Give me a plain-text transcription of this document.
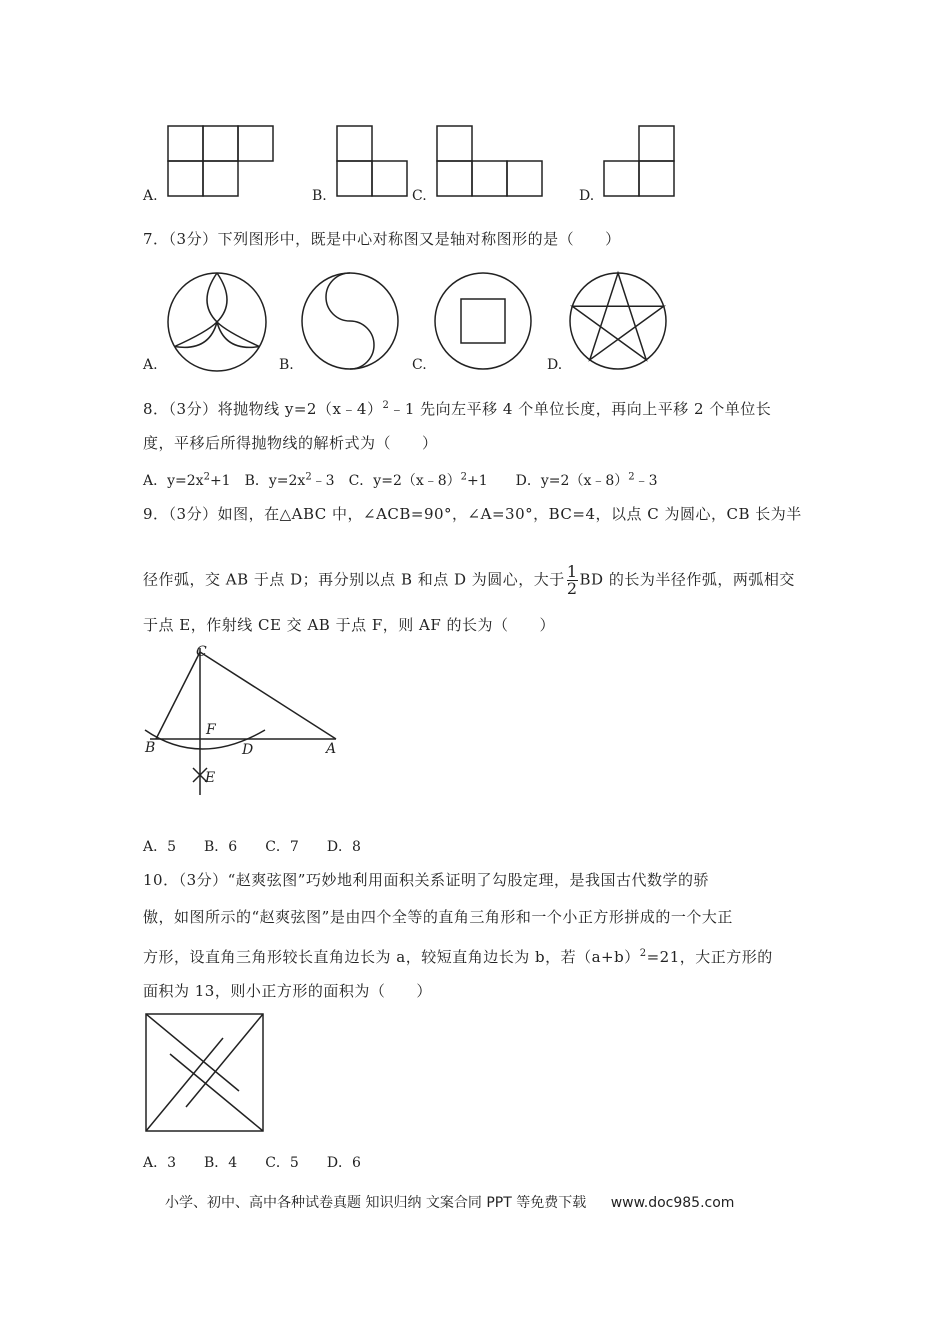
A.	B.	C.	D.
7．（3分）下列图形中，既是中心对称图又是轴对称图形的是（　　）
A.	B.	C.	D.
8．（3分）将抛物线 y=2（x﹣4）$^2$﹣1 先向左平移 4 个单位长度，再向上平移 2 个单位长
度，平移后所得抛物线的解析式为（　　）
A．$y=2x^2+1$　B．$y=2x^2﹣3$　C．y=2（x﹣8）$^2$+1　　D．y=2（x﹣8）$^2$﹣3
9．（3分）如图，在△ABC 中，∠ACB=90°，∠A=30°，BC=4，以点 C 为圆心，CB 长为半
径作弧，交 AB 于点 D；再分别以点 B 和点 D 为圆心，大于 $\frac{1}{2}$ BD 的长为半径作弧，两弧相交
于点 E，作射线 CE 交 AB 于点 F，则 AF 的长为（　　）
C
F
B	D	A
E
A．5　　B．6　　C．7　　D．8
10．（3分）“赵爽弦图”巧妙地利用面积关系证明了勾股定理，是我国古代数学的骄
傲，如图所示的“赵爽弦图”是由四个全等的直角三角形和一个小正方形拼成的一个大正
方形，设直角三角形较长直角边长为 a，较短直角边长为 b，若$(a+b)^2=21$，大正方形的
面积为 13，则小正方形的面积为（　　）
A．3　　B．4　　C．5　　D．6
小学、初中、高中各种试卷真题 知识归纳 文案合同 PPT 等免费下载 www.doc985.com
